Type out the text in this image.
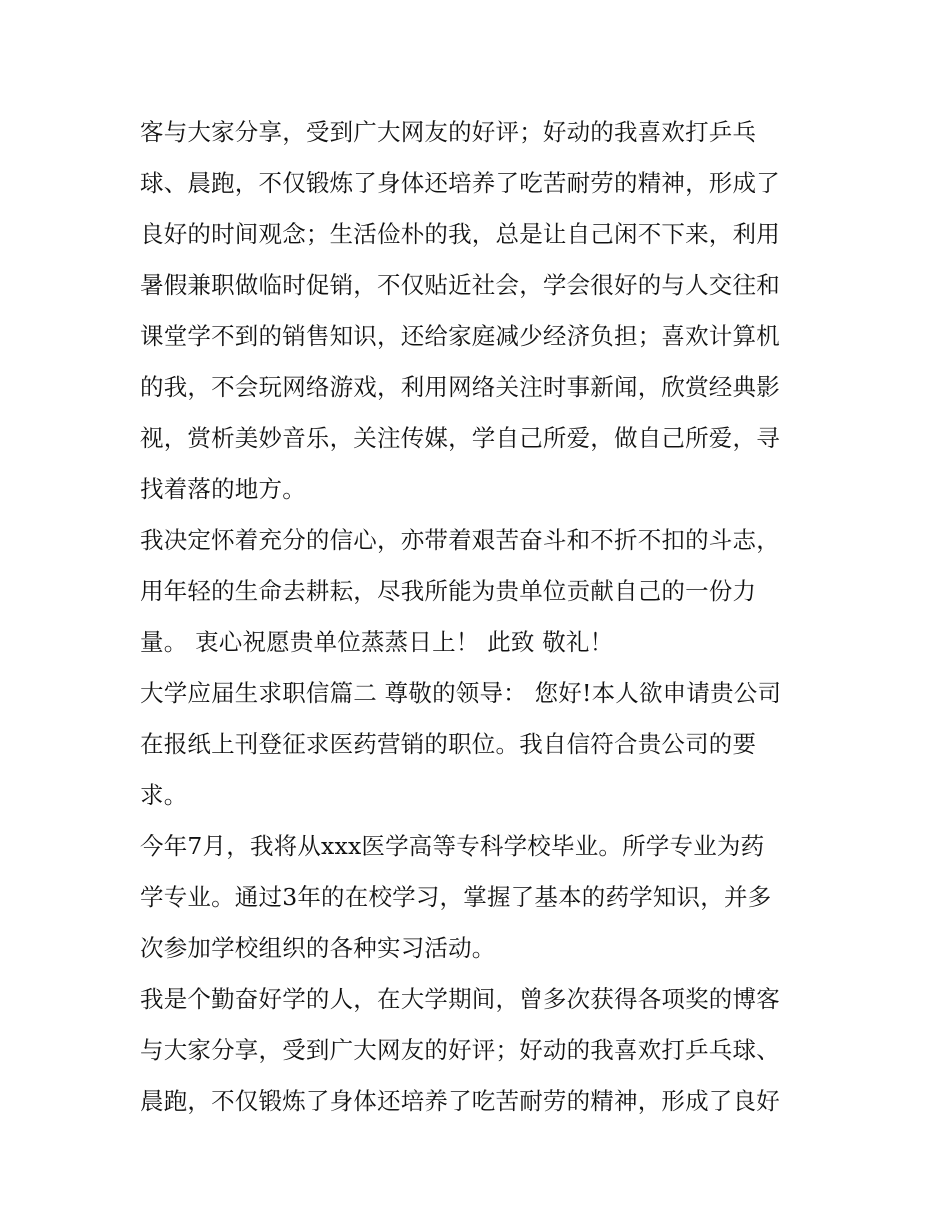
客与大家分享，受到广大网友的好评；好动的我喜欢打乒乓
球、晨跑，不仅锻炼了身体还培养了吃苦耐劳的精神，形成了
良好的时间观念；生活俭朴的我，总是让自己闲不下来，利用
暑假兼职做临时促销，不仅贴近社会，学会很好的与人交往和
课堂学不到的销售知识，还给家庭减少经济负担；喜欢计算机
的我，不会玩网络游戏，利用网络关注时事新闻，欣赏经典影
视，赏析美妙音乐，关注传媒，学自己所爱，做自己所爱，寻
找着落的地方。
我决定怀着充分的信心，亦带着艰苦奋斗和不折不扣的斗志，
用年轻的生命去耕耘，尽我所能为贵单位贡献自己的一份力
量。 衷心祝愿贵单位蒸蒸日上！ 此致 敬礼！
大学应届生求职信篇二 尊敬的领导： 您好!本人欲申请贵公司
在报纸上刊登征求医药营销的职位。我自信符合贵公司的要
求。
今年7月，我将从xxx医学高等专科学校毕业。所学专业为药
学专业。通过3年的在校学习，掌握了基本的药学知识，并多
次参加学校组织的各种实习活动。
我是个勤奋好学的人，在大学期间，曾多次获得各项奖的博客
与大家分享，受到广大网友的好评；好动的我喜欢打乒乓球、
晨跑，不仅锻炼了身体还培养了吃苦耐劳的精神，形成了良好
